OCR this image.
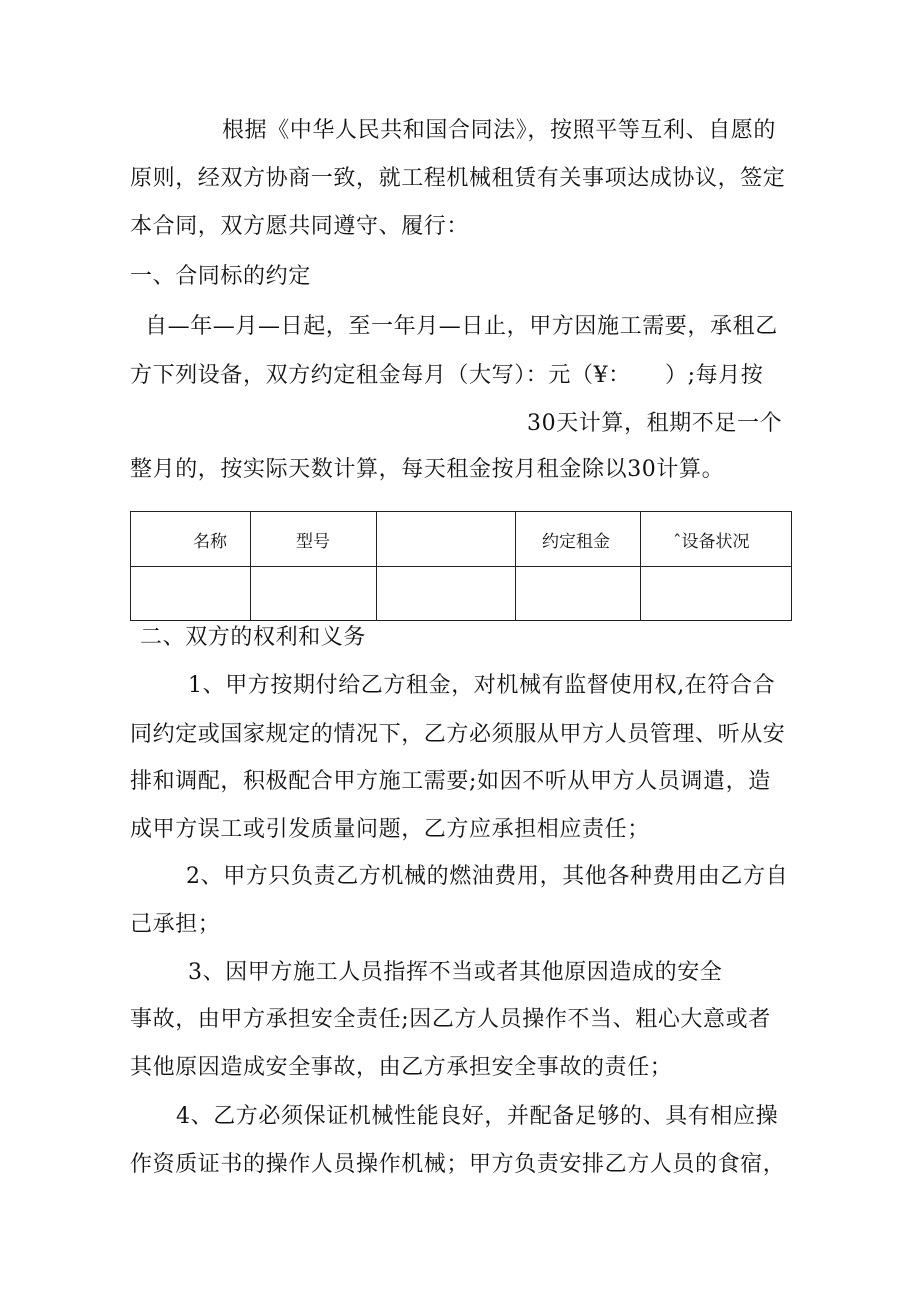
根据《中华人民共和国合同法》，按照平等互利、自愿的
原则，经双方协商一致，就工程机械租赁有关事项达成协议，签定
本合同，双方愿共同遵守、履行：
一、合同标的约定
自—年—月—日起，至一年月—日止，甲方因施工需要，承租乙
方下列设备，双方约定租金每月（大写）：元（¥：　　）;每月按
30天计算，租期不足一个
整月的，按实际天数计算，每天租金按月租金除以30计算。
名称	型号		约定租金	ˆ设备状况

二、双方的权利和义务
1、甲方按期付给乙方租金，对机械有监督使用权,在符合合
同约定或国家规定的情况下，乙方必须服从甲方人员管理、听从安
排和调配，积极配合甲方施工需要;如因不听从甲方人员调遣，造
成甲方误工或引发质量问题，乙方应承担相应责任；
2、甲方只负责乙方机械的燃油费用，其他各种费用由乙方自
己承担；
3、因甲方施工人员指挥不当或者其他原因造成的安全
事故，由甲方承担安全责任;因乙方人员操作不当、粗心大意或者
其他原因造成安全事故，由乙方承担安全事故的责任；
4、乙方必须保证机械性能良好，并配备足够的、具有相应操
作资质证书的操作人员操作机械；甲方负责安排乙方人员的食宿，
